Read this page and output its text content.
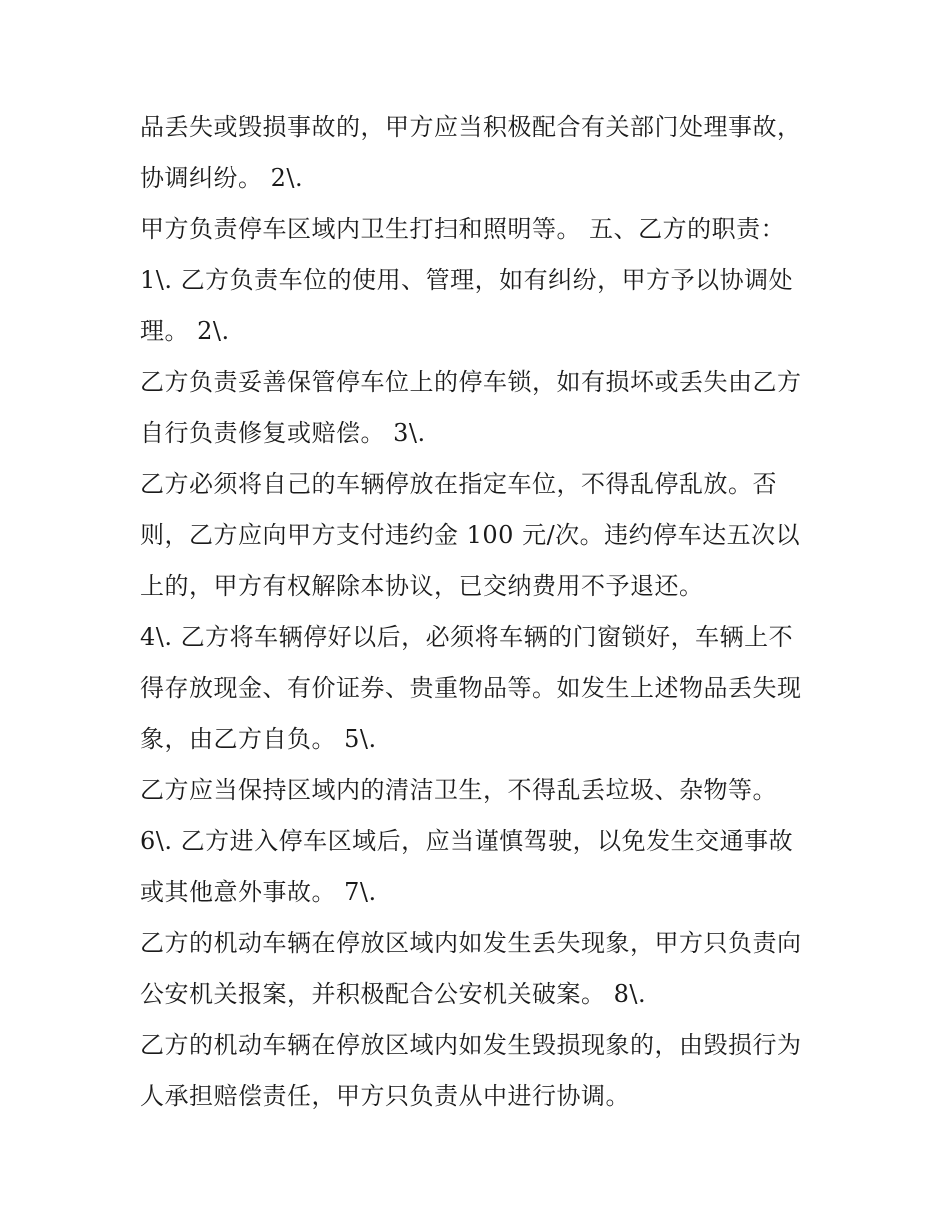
品丢失或毁损事故的，甲方应当积极配合有关部门处理事故，
协调纠纷。 2\.
甲方负责停车区域内卫生打扫和照明等。 五、乙方的职责：
1\. 乙方负责车位的使用、管理，如有纠纷，甲方予以协调处
理。 2\.
乙方负责妥善保管停车位上的停车锁，如有损坏或丢失由乙方
自行负责修复或赔偿。 3\.
乙方必须将自己的车辆停放在指定车位，不得乱停乱放。否
则，乙方应向甲方支付违约金 100 元/次。违约停车达五次以
上的，甲方有权解除本协议，已交纳费用不予退还。
4\. 乙方将车辆停好以后，必须将车辆的门窗锁好，车辆上不
得存放现金、有价证券、贵重物品等。如发生上述物品丢失现
象，由乙方自负。 5\.
乙方应当保持区域内的清洁卫生，不得乱丢垃圾、杂物等。
6\. 乙方进入停车区域后，应当谨慎驾驶，以免发生交通事故
或其他意外事故。 7\.
乙方的机动车辆在停放区域内如发生丢失现象，甲方只负责向
公安机关报案，并积极配合公安机关破案。 8\.
乙方的机动车辆在停放区域内如发生毁损现象的，由毁损行为
人承担赔偿责任，甲方只负责从中进行协调。
